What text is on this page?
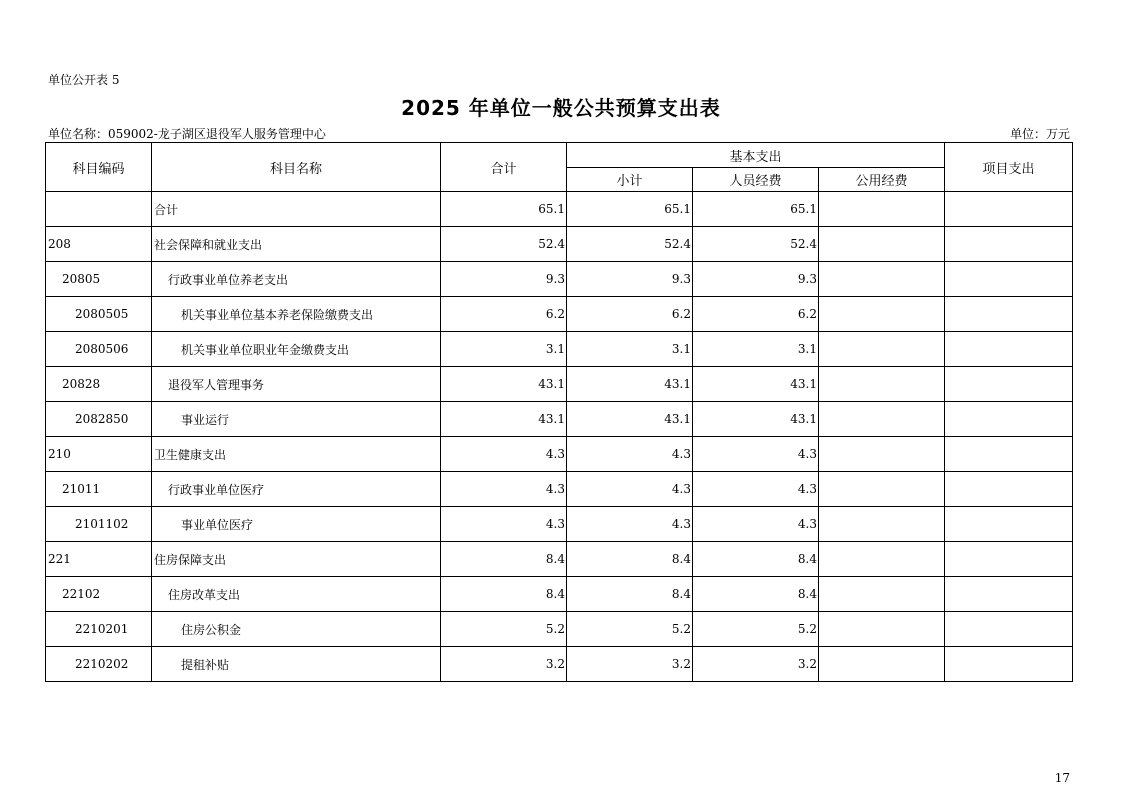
单位公开表 5
2025 年单位一般公共预算支出表
单位名称：059002-龙子湖区退役军人服务管理中心	单位：万元
科目编码	科目名称	合计	基本支出			项目支出
			小计	人员经费	公用经费	
	合计	65.1	65.1	65.1		
208	社会保障和就业支出	52.4	52.4	52.4		
20805	行政事业单位养老支出	9.3	9.3	9.3		
2080505	机关事业单位基本养老保险缴费支出	6.2	6.2	6.2		
2080506	机关事业单位职业年金缴费支出	3.1	3.1	3.1		
20828	退役军人管理事务	43.1	43.1	43.1		
2082850	事业运行	43.1	43.1	43.1		
210	卫生健康支出	4.3	4.3	4.3		
21011	行政事业单位医疗	4.3	4.3	4.3		
2101102	事业单位医疗	4.3	4.3	4.3		
221	住房保障支出	8.4	8.4	8.4		
22102	住房改革支出	8.4	8.4	8.4		
2210201	住房公积金	5.2	5.2	5.2		
2210202	提租补贴	3.2	3.2	3.2		
17
